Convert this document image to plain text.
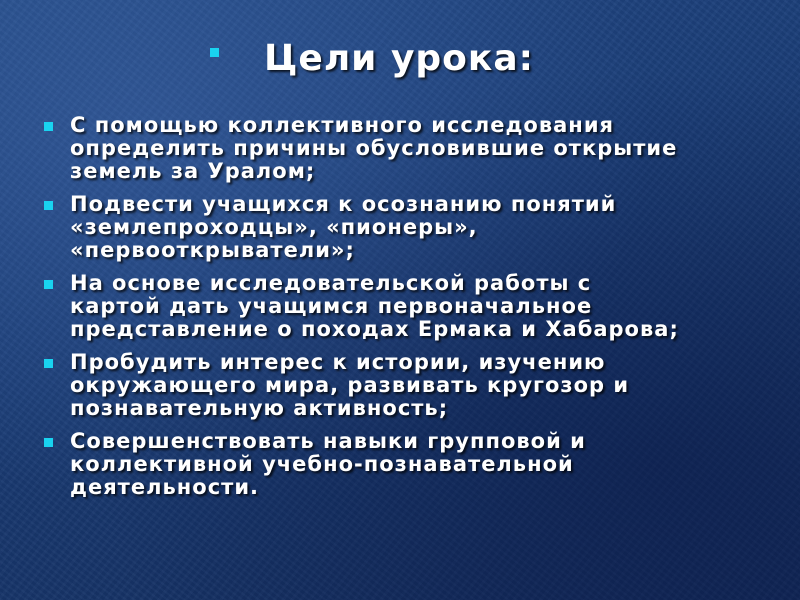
Цели урока:
С помощью коллективного исследования
определить причины обусловившие открытие
земель за Уралом;
Подвести учащихся к осознанию понятий
«землепроходцы», «пионеры»,
«первооткрыватели»;
На основе исследовательской работы с
картой дать учащимся первоначальное
представление о походах Ермака и Хабарова;
Пробудить интерес к истории, изучению
окружающего мира, развивать кругозор и
познавательную активность;
Совершенствовать навыки групповой и
коллективной учебно-познавательной
деятельности.
